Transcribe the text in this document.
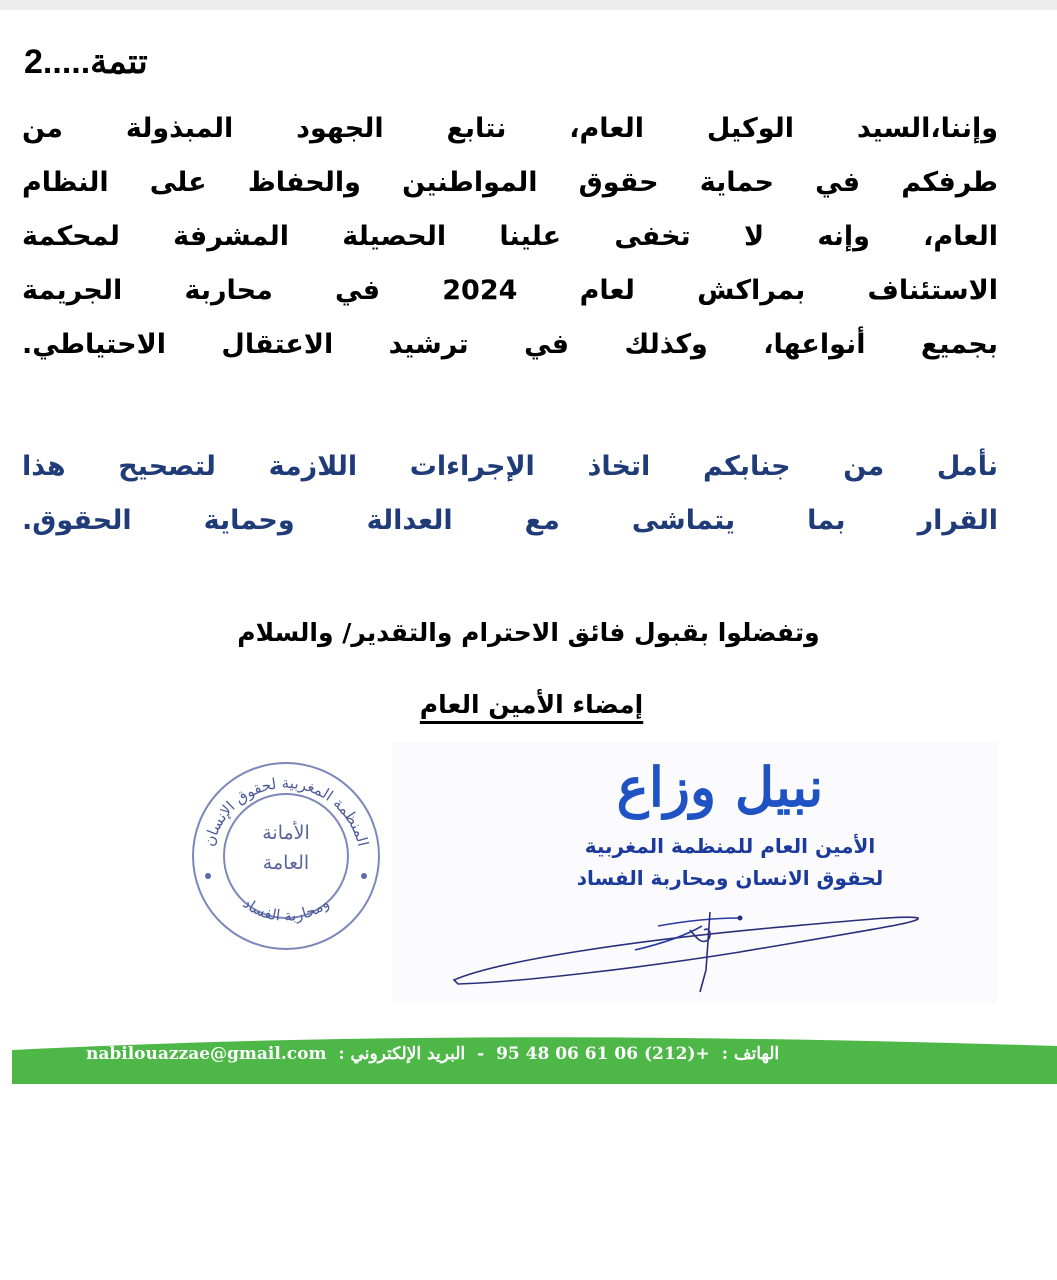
تتمة.....2
وإننا،السيد الوكيل العام، نتابع الجهود المبذولة من
طرفكم في حماية حقوق المواطنين والحفاظ على النظام
العام، وإنه لا تخفى علينا الحصيلة المشرفة لمحكمة
الاستئناف بمراكش لعام 2024 في محاربة الجريمة
بجميع أنواعها، وكذلك في ترشيد الاعتقال الاحتياطي.
نأمل من جنابكم اتخاذ الإجراءات اللازمة لتصحيح هذا
القرار بما يتماشى مع العدالة وحماية الحقوق.
وتفضلوا بقبول فائق الاحترام والتقدير/ والسلام
إمضاء الأمين العام
المنظمة المغربية لحقوق الإنسان
ومحاربة الفساد
الأمانة
العامة
نبيل وزاع
الأمين العام للمنظمة المغربية
لحقوق الانسان ومحاربة الفساد
الهاتف : 95 48 06 61 06 (212)+ - البريد الإلكتروني : nabilouazzae@gmail.com
